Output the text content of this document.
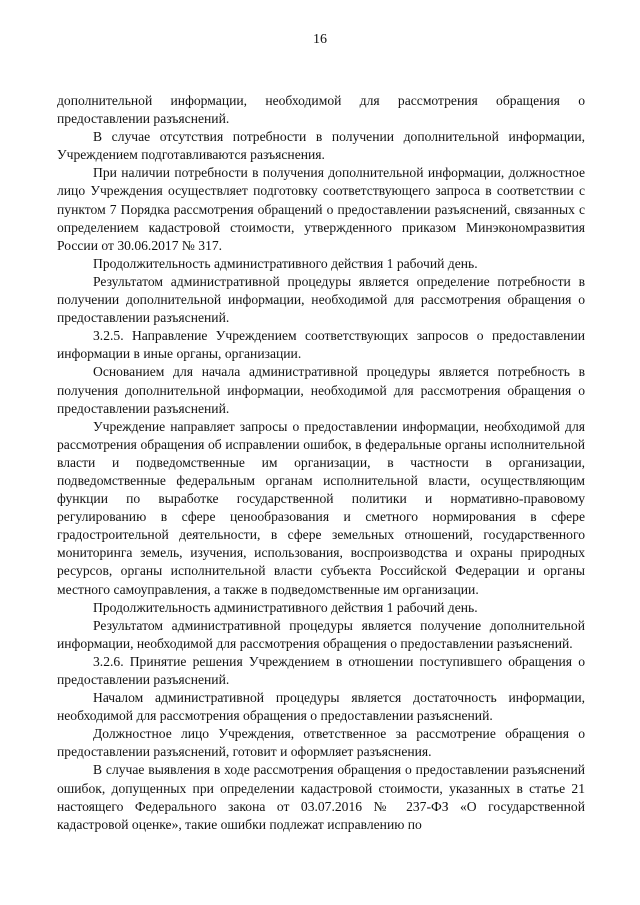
16

дополнительной информации, необходимой для рассмотрения обращения о предоставлении разъяснений.

В случае отсутствия потребности в получении дополнительной информации, Учреждением подготавливаются разъяснения.

При наличии потребности в получения дополнительной информации, должностное лицо Учреждения осуществляет подготовку соответствующего запроса в соответствии с пунктом 7 Порядка рассмотрения обращений о предоставлении разъяснений, связанных с определением кадастровой стоимости, утвержденного приказом Минэкономразвития России от 30.06.2017 № 317.

Продолжительность административного действия 1 рабочий день.

Результатом административной процедуры является определение потребности в получении дополнительной информации, необходимой для рассмотрения обращения о предоставлении разъяснений.

3.2.5. Направление Учреждением соответствующих запросов о предоставлении информации в иные органы, организации.

Основанием для начала административной процедуры является потребность в получения дополнительной информации, необходимой для рассмотрения обращения о предоставлении разъяснений.

Учреждение направляет запросы о предоставлении информации, необходимой для рассмотрения обращения об исправлении ошибок, в федеральные органы исполнительной власти и подведомственные им организации, в частности в организации, подведомственные федеральным органам исполнительной власти, осуществляющим функции по выработке государственной политики и нормативно-правовому регулированию в сфере ценообразования и сметного нормирования в сфере градостроительной деятельности, в сфере земельных отношений, государственного мониторинга земель, изучения, использования, воспроизводства и охраны природных ресурсов, органы исполнительной власти субъекта Российской Федерации и органы местного самоуправления, а также в подведомственные им организации.

Продолжительность административного действия 1 рабочий день.

Результатом административной процедуры является получение дополнительной информации, необходимой для рассмотрения обращения о предоставлении разъяснений.

3.2.6. Принятие решения Учреждением в отношении поступившего обращения о предоставлении разъяснений.

Началом административной процедуры является достаточность информации, необходимой для рассмотрения обращения о предоставлении разъяснений.

Должностное лицо Учреждения, ответственное за рассмотрение обращения о предоставлении разъяснений, готовит и оформляет разъяснения.

В случае выявления в ходе рассмотрения обращения о предоставлении разъяснений ошибок, допущенных при определении кадастровой стоимости, указанных в статье 21 настоящего Федерального закона от 03.07.2016 № 237-ФЗ «О государственной кадастровой оценке», такие ошибки подлежат исправлению по
